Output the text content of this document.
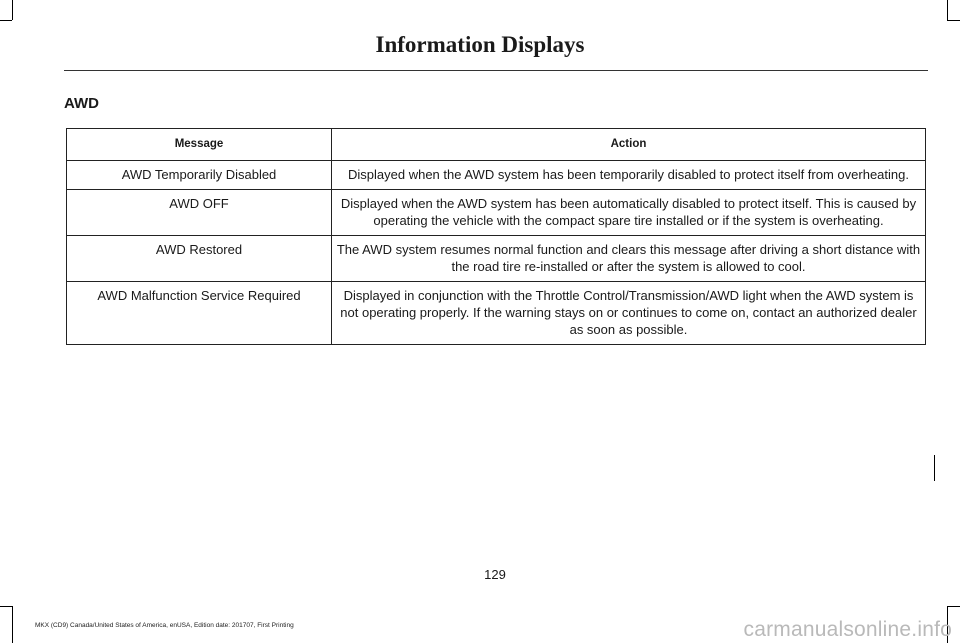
Information Displays
AWD
Message	Action
AWD Temporarily Disabled	Displayed when the AWD system has been temporarily disabled to protect itself from overheating.
AWD OFF	Displayed when the AWD system has been automatically disabled to protect itself. This is caused by operating the vehicle with the compact spare tire installed or if the system is overheating.
AWD Restored	The AWD system resumes normal function and clears this message after driving a short distance with the road tire re-installed or after the system is allowed to cool.
AWD Malfunction Service Required	Displayed in conjunction with the Throttle Control/Transmission/AWD light when the AWD system is not operating properly. If the warning stays on or continues to come on, contact an authorized dealer as soon as possible.
129
MKX (CD9) Canada/United States of America, enUSA, Edition date: 201707, First Printing	carmanualsonline.info
